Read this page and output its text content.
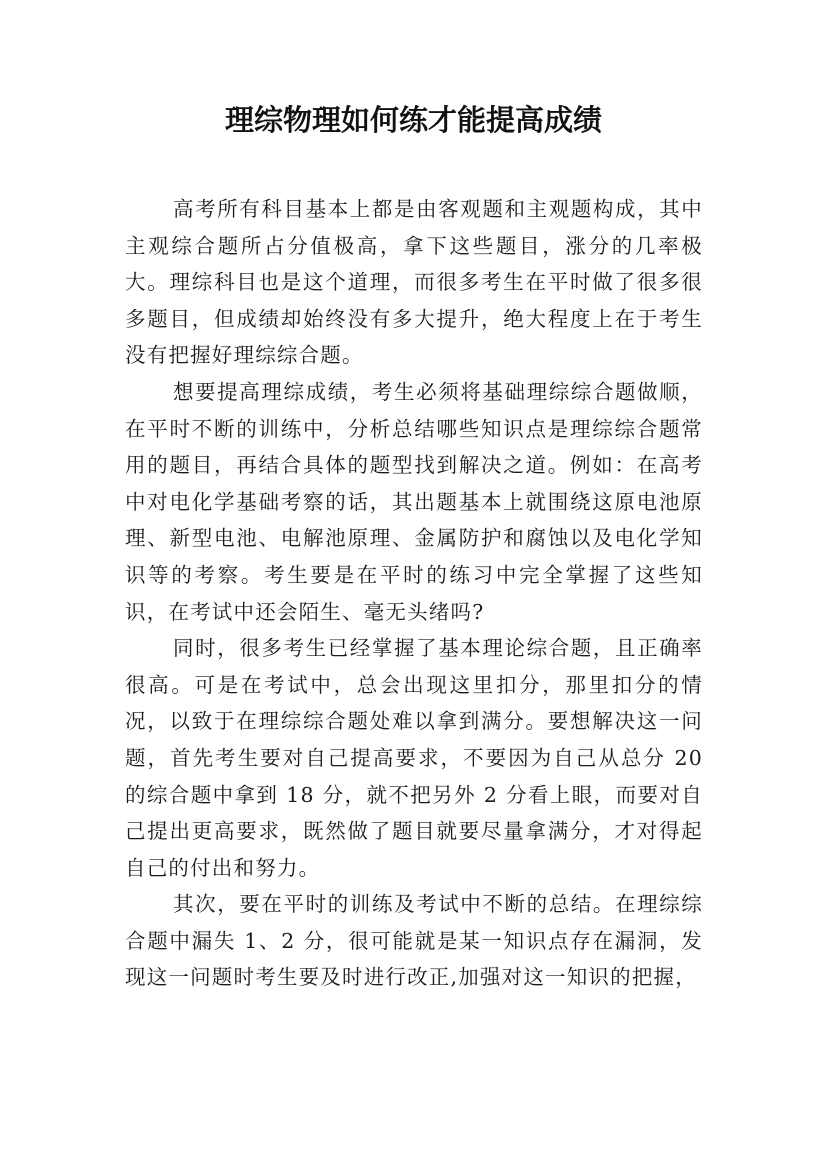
理综物理如何练才能提高成绩

高考所有科目基本上都是由客观题和主观题构成，其中主观综合题所占分值极高，拿下这些题目，涨分的几率极大。理综科目也是这个道理，而很多考生在平时做了很多很多题目，但成绩却始终没有多大提升，绝大程度上在于考生没有把握好理综综合题。

想要提高理综成绩，考生必须将基础理综综合题做顺，在平时不断的训练中，分析总结哪些知识点是理综综合题常用的题目，再结合具体的题型找到解决之道。例如：在高考中对电化学基础考察的话，其出题基本上就围绕这原电池原理、新型电池、电解池原理、金属防护和腐蚀以及电化学知识等的考察。考生要是在平时的练习中完全掌握了这些知识，在考试中还会陌生、毫无头绪吗?

同时，很多考生已经掌握了基本理论综合题，且正确率很高。可是在考试中，总会出现这里扣分，那里扣分的情况，以致于在理综综合题处难以拿到满分。要想解决这一问题，首先考生要对自己提高要求，不要因为自己从总分 20 的综合题中拿到 18 分，就不把另外 2 分看上眼，而要对自己提出更高要求，既然做了题目就要尽量拿满分，才对得起自己的付出和努力。

其次，要在平时的训练及考试中不断的总结。在理综综合题中漏失 1、2 分，很可能就是某一知识点存在漏洞，发现这一问题时考生要及时进行改正,加强对这一知识的把握，
